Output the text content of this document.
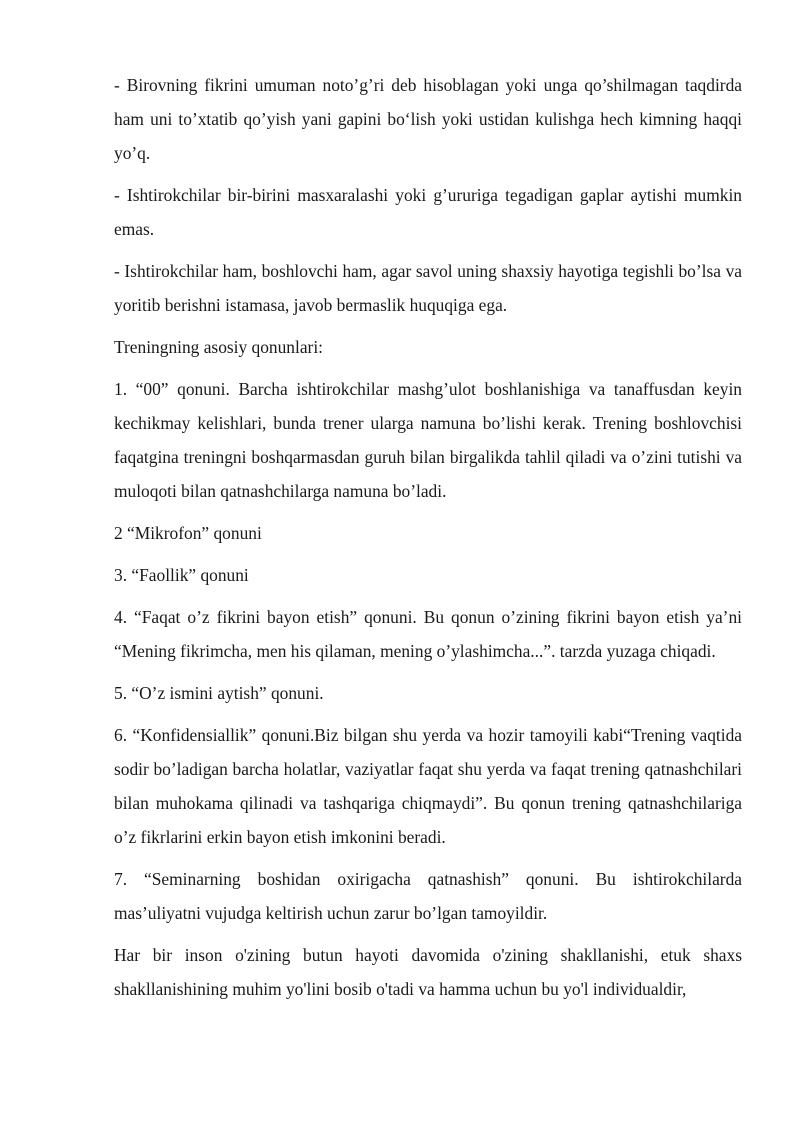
- Birovning fikrini umuman noto’g’ri deb hisoblagan yoki unga qo’shilmagan taqdirda ham uni to’xtatib qo’yish yani gapini bo‘lish yoki ustidan kulishga hech kimning haqqi yo’q.

- Ishtirokchilar bir-birini masxaralashi yoki g’ururiga tegadigan gaplar aytishi mumkin emas.

- Ishtirokchilar ham, boshlovchi ham, agar savol uning shaxsiy hayotiga tegishli bo’lsa va yoritib berishni istamasa, javob bermaslik huquqiga ega.

Treningning asosiy qonunlari:

1. “00” qonuni. Barcha ishtirokchilar mashg’ulot boshlanishiga va tanaffusdan keyin kechikmay kelishlari, bunda trener ularga namuna bo’lishi kerak. Trening boshlovchisi faqatgina treningni boshqarmasdan guruh bilan birgalikda tahlil qiladi va o’zini tutishi va muloqoti bilan qatnashchilarga namuna bo’ladi.

2 “Mikrofon” qonuni

3. “Faollik” qonuni

4. “Faqat o’z fikrini bayon etish” qonuni. Bu qonun o’zining fikrini bayon etish ya’ni “Mening fikrimcha, men his qilaman, mening o’ylashimcha...”. tarzda yuzaga chiqadi.

5. “O’z ismini aytish” qonuni.

6. “Konfidensiallik” qonuni.Biz bilgan shu yerda va hozir tamoyili kabi“Trening vaqtida sodir bo’ladigan barcha holatlar, vaziyatlar faqat shu yerda va faqat trening qatnashchilari bilan muhokama qilinadi va tashqariga chiqmaydi”. Bu qonun trening qatnashchilariga o’z fikrlarini erkin bayon etish imkonini beradi.

7. “Seminarning boshidan oxirigacha qatnashish” qonuni. Bu ishtirokchilarda mas’uliyatni vujudga keltirish uchun zarur bo’lgan tamoyildir.

Har bir inson o'zining butun hayoti davomida o'zining shakllanishi, etuk shaxs shakllanishining muhim yo'lini bosib o'tadi va hamma uchun bu yo'l individualdir,
